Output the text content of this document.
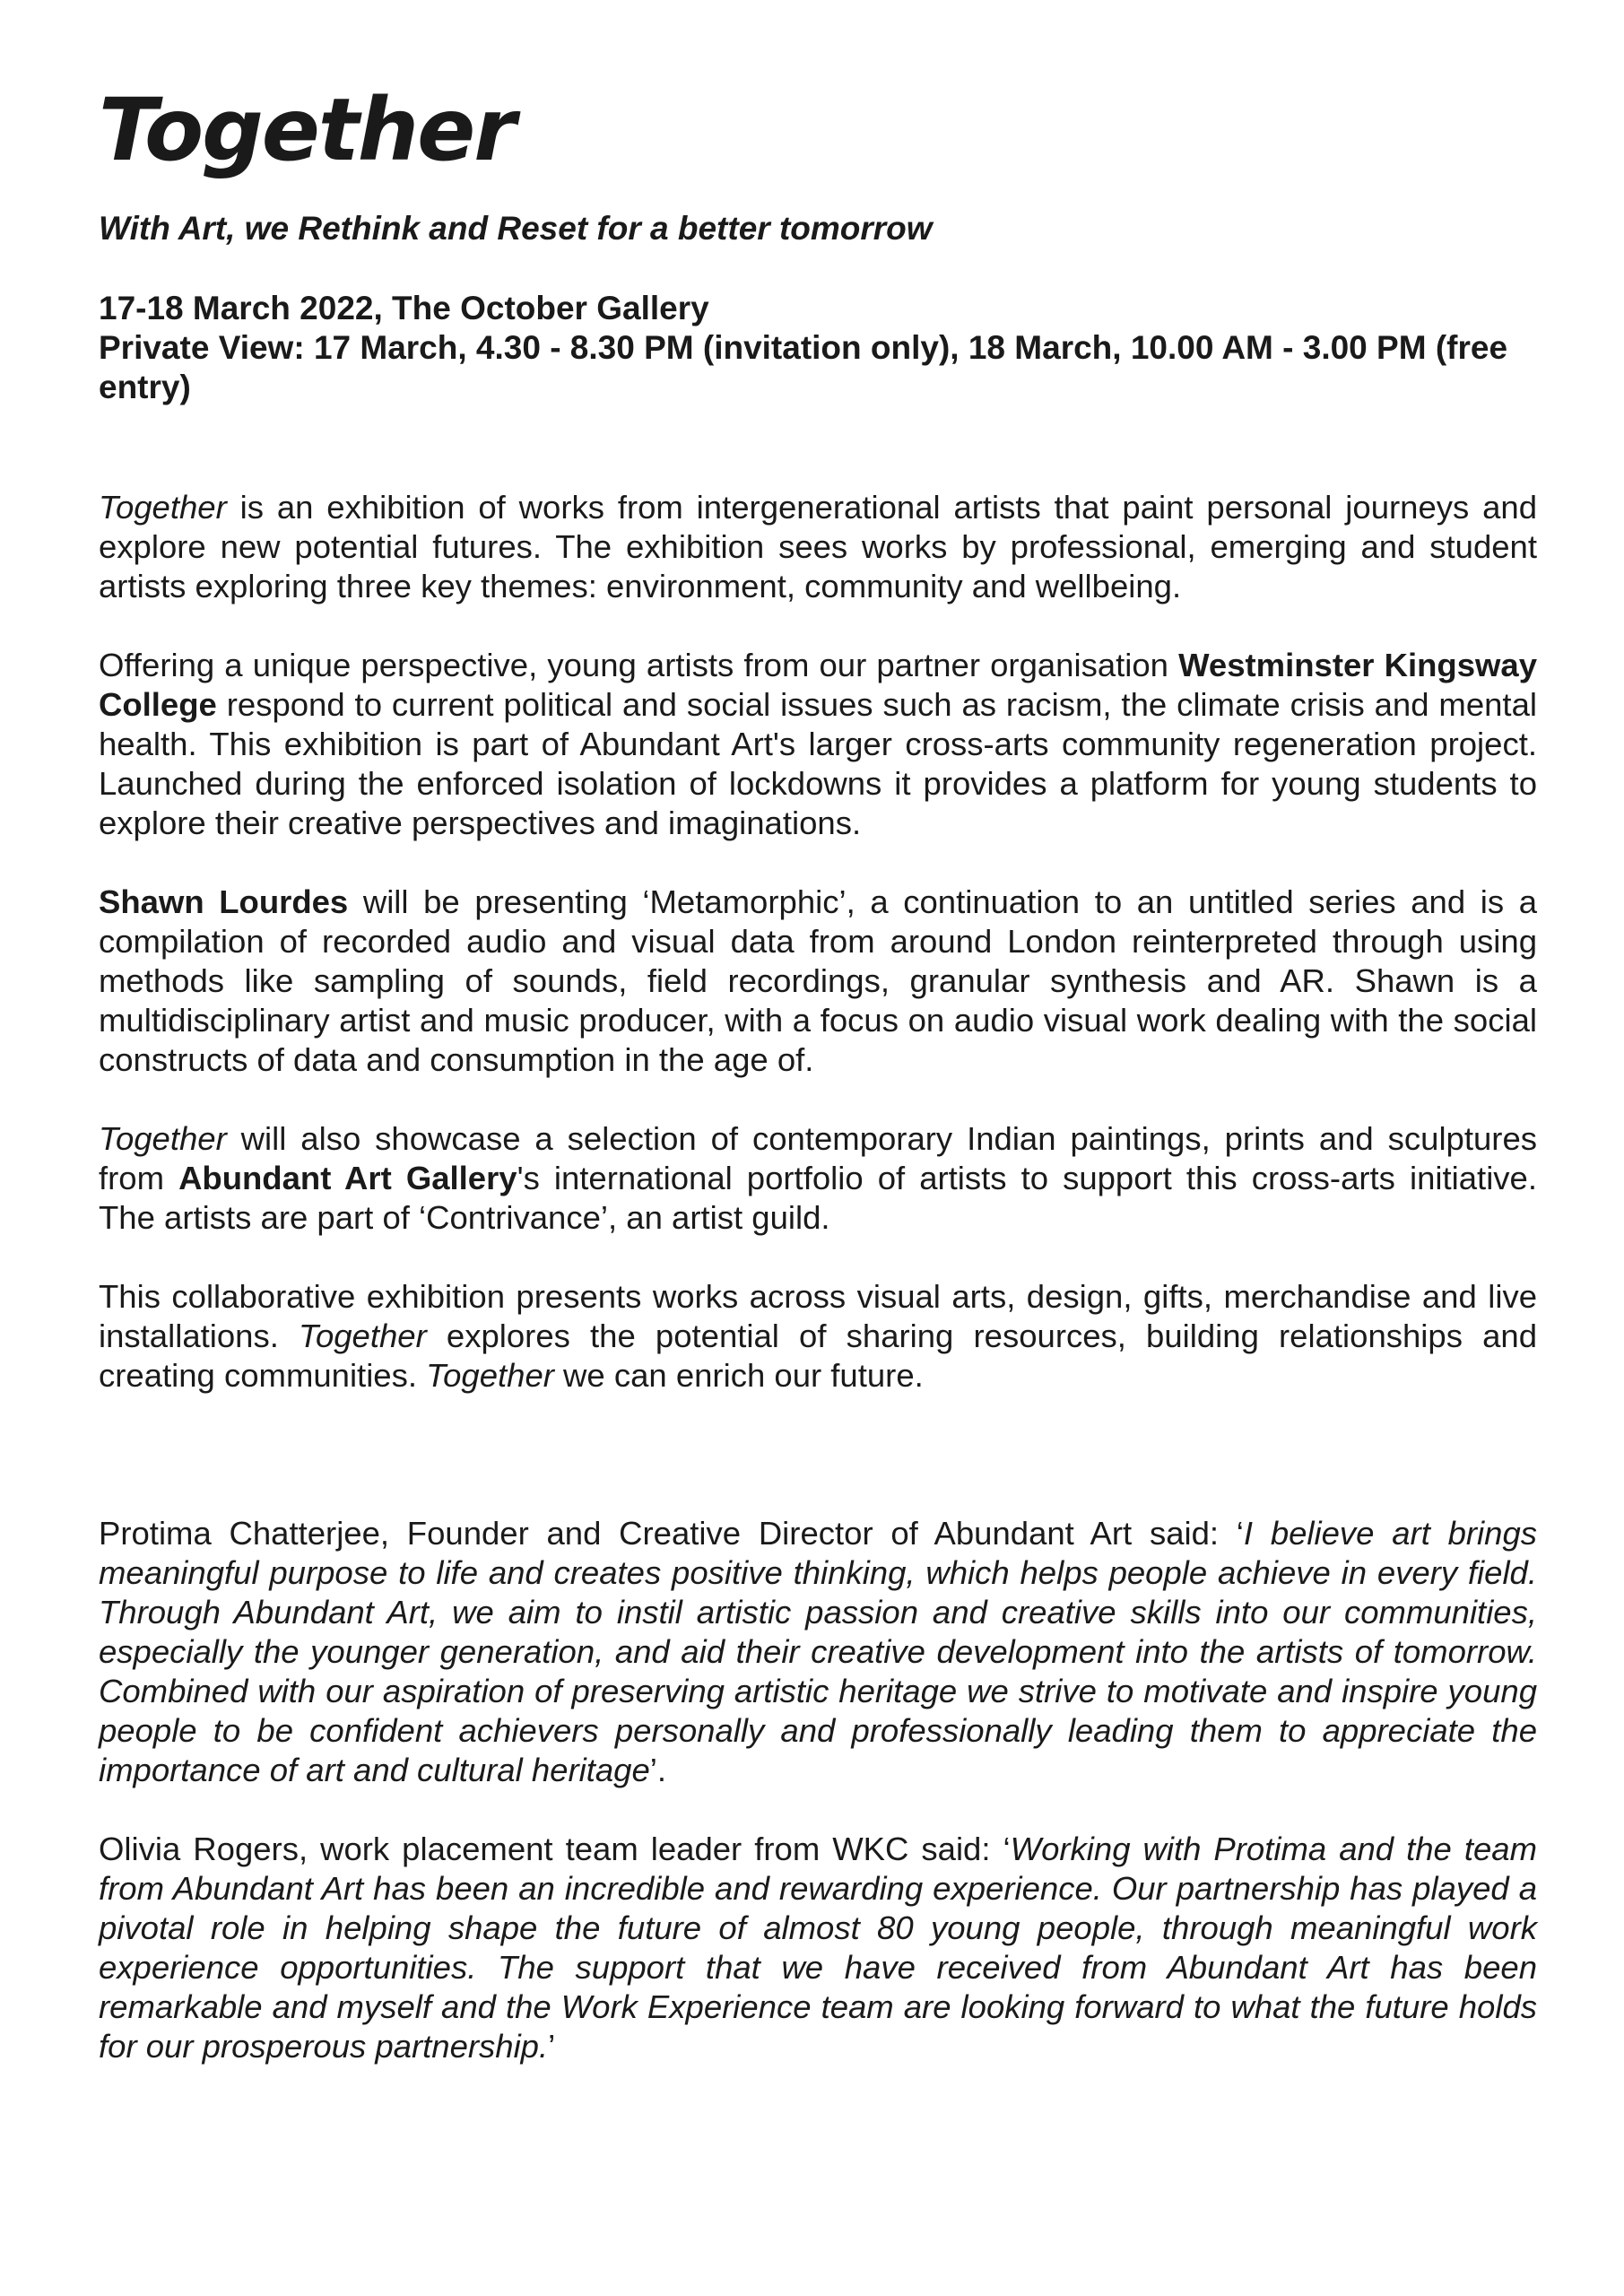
Together

With Art, we Rethink and Reset for a better tomorrow

17-18 March 2022, The October Gallery
Private View: 17 March, 4.30 - 8.30 PM (invitation only), 18 March, 10.00 AM - 3.00 PM (free entry)

Together is an exhibition of works from intergenerational artists that paint personal journeys and explore new potential futures. The exhibition sees works by professional, emerging and student artists exploring three key themes: environment, community and wellbeing.

Offering a unique perspective, young artists from our partner organisation Westminster Kingsway College respond to current political and social issues such as racism, the climate crisis and mental health. This exhibition is part of Abundant Art's larger cross-arts community regeneration project. Launched during the enforced isolation of lockdowns it provides a platform for young students to explore their creative perspectives and imaginations.

Shawn Lourdes will be presenting ‘Metamorphic’, a continuation to an untitled series and is a compilation of recorded audio and visual data from around London reinterpreted through using methods like sampling of sounds, field recordings, granular synthesis and AR. Shawn is a multidisciplinary artist and music producer, with a focus on audio visual work dealing with the social constructs of data and consumption in the age of.

Together will also showcase a selection of contemporary Indian paintings, prints and sculptures from Abundant Art Gallery's international portfolio of artists to support this cross-arts initiative. The artists are part of ‘Contrivance’, an artist guild.

This collaborative exhibition presents works across visual arts, design, gifts, merchandise and live installations. Together explores the potential of sharing resources, building relationships and creating communities. Together we can enrich our future.

Protima Chatterjee, Founder and Creative Director of Abundant Art said: ‘I believe art brings meaningful purpose to life and creates positive thinking, which helps people achieve in every field. Through Abundant Art, we aim to instil artistic passion and creative skills into our communities, especially the younger generation, and aid their creative development into the artists of tomorrow. Combined with our aspiration of preserving artistic heritage we strive to motivate and inspire young people to be confident achievers personally and professionally leading them to appreciate the importance of art and cultural heritage’.

Olivia Rogers, work placement team leader from WKC said: ‘Working with Protima and the team from Abundant Art has been an incredible and rewarding experience. Our partnership has played a pivotal role in helping shape the future of almost 80 young people, through meaningful work experience opportunities. The support that we have received from Abundant Art has been remarkable and myself and the Work Experience team are looking forward to what the future holds for our prosperous partnership.’
